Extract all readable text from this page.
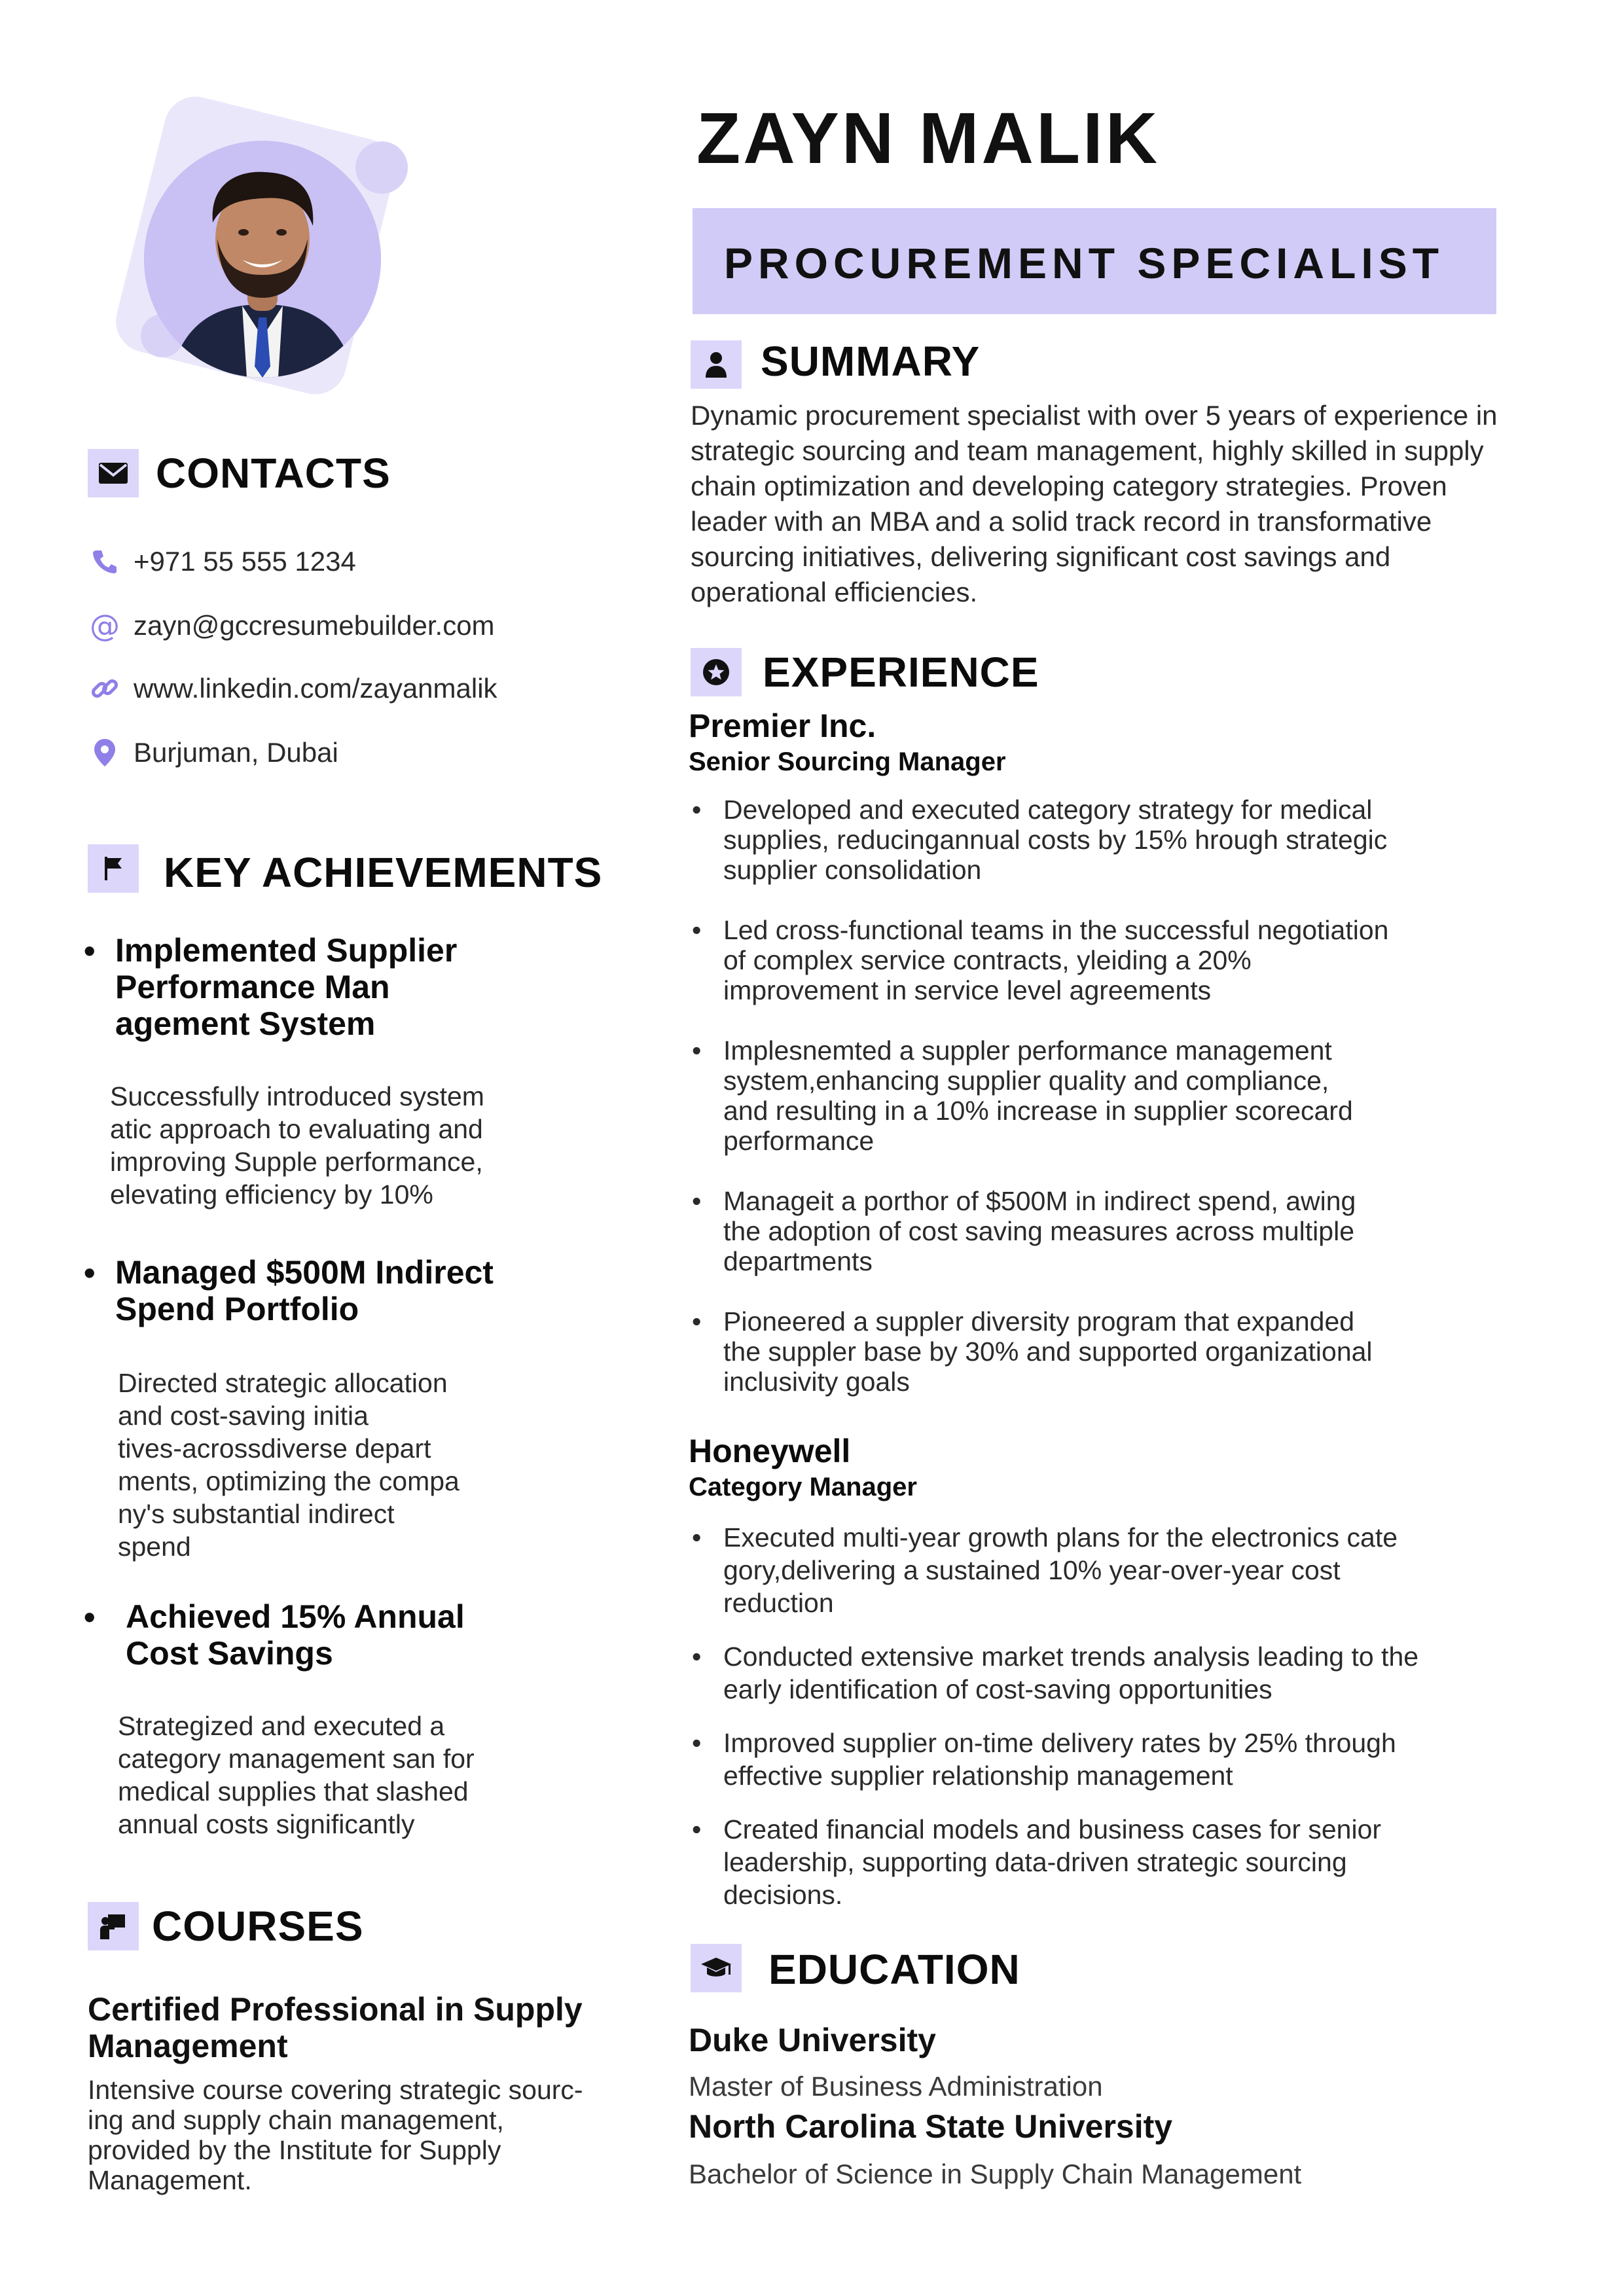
ZAYN MALIK
PROCUREMENT SPECIALIST
CONTACTS
+971 55 555 1234
@ zayn@gccresumebuilder.com
www.linkedin.com/zayanmalik
Burjuman, Dubai
KEY ACHIEVEMENTS
• Implemented Supplier
Performance Man
agement System
Successfully introduced system
atic approach to evaluating and
improving Supple performance,
elevating efficiency by 10%
• Managed $500M Indirect
Spend Portfolio
Directed strategic allocation
and cost-saving initia
tives-acrossdiverse depart
ments, optimizing the compa
ny's substantial indirect
spend
• Achieved 15% Annual
Cost Savings
Strategized and executed a
category management san for
medical supplies that slashed
annual costs significantly
COURSES
Certified Professional in Supply
Management
Intensive course covering strategic sourc-
ing and supply chain management,
provided by the Institute for Supply
Management.
SUMMARY
Dynamic procurement specialist with over 5 years of experience in strategic sourcing and team management, highly skilled in supply chain optimization and developing category strategies. Proven leader with an MBA and a solid track record in transformative sourcing initiatives, delivering significant cost savings and operational efficiencies.
EXPERIENCE
Premier Inc.
Senior Sourcing Manager
• Developed and executed category strategy for medical
supplies, reducingannual costs by 15% hrough strategic
supplier consolidation
• Led cross-functional teams in the successful negotiation
of complex service contracts, yleiding a 20%
improvement in service level agreements
• Implesnemted a suppler performance management
system,enhancing supplier quality and compliance,
and resulting in a 10% increase in supplier scorecard
performance
• Manageit a porthor of $500M in indirect spend, awing
the adoption of cost saving measures across multiple
departments
• Pioneered a suppler diversity program that expanded
the suppler base by 30% and supported organizational
inclusivity goals
Honeywell
Category Manager
• Executed multi-year growth plans for the electronics cate
gory,delivering a sustained 10% year-over-year cost
reduction
• Conducted extensive market trends analysis leading to the
early identification of cost-saving opportunities
• Improved supplier on-time delivery rates by 25% through
effective supplier relationship management
• Created financial models and business cases for senior
leadership, supporting data-driven strategic sourcing
decisions.
EDUCATION
Duke University
Master of Business Administration
North Carolina State University
Bachelor of Science in Supply Chain Management
